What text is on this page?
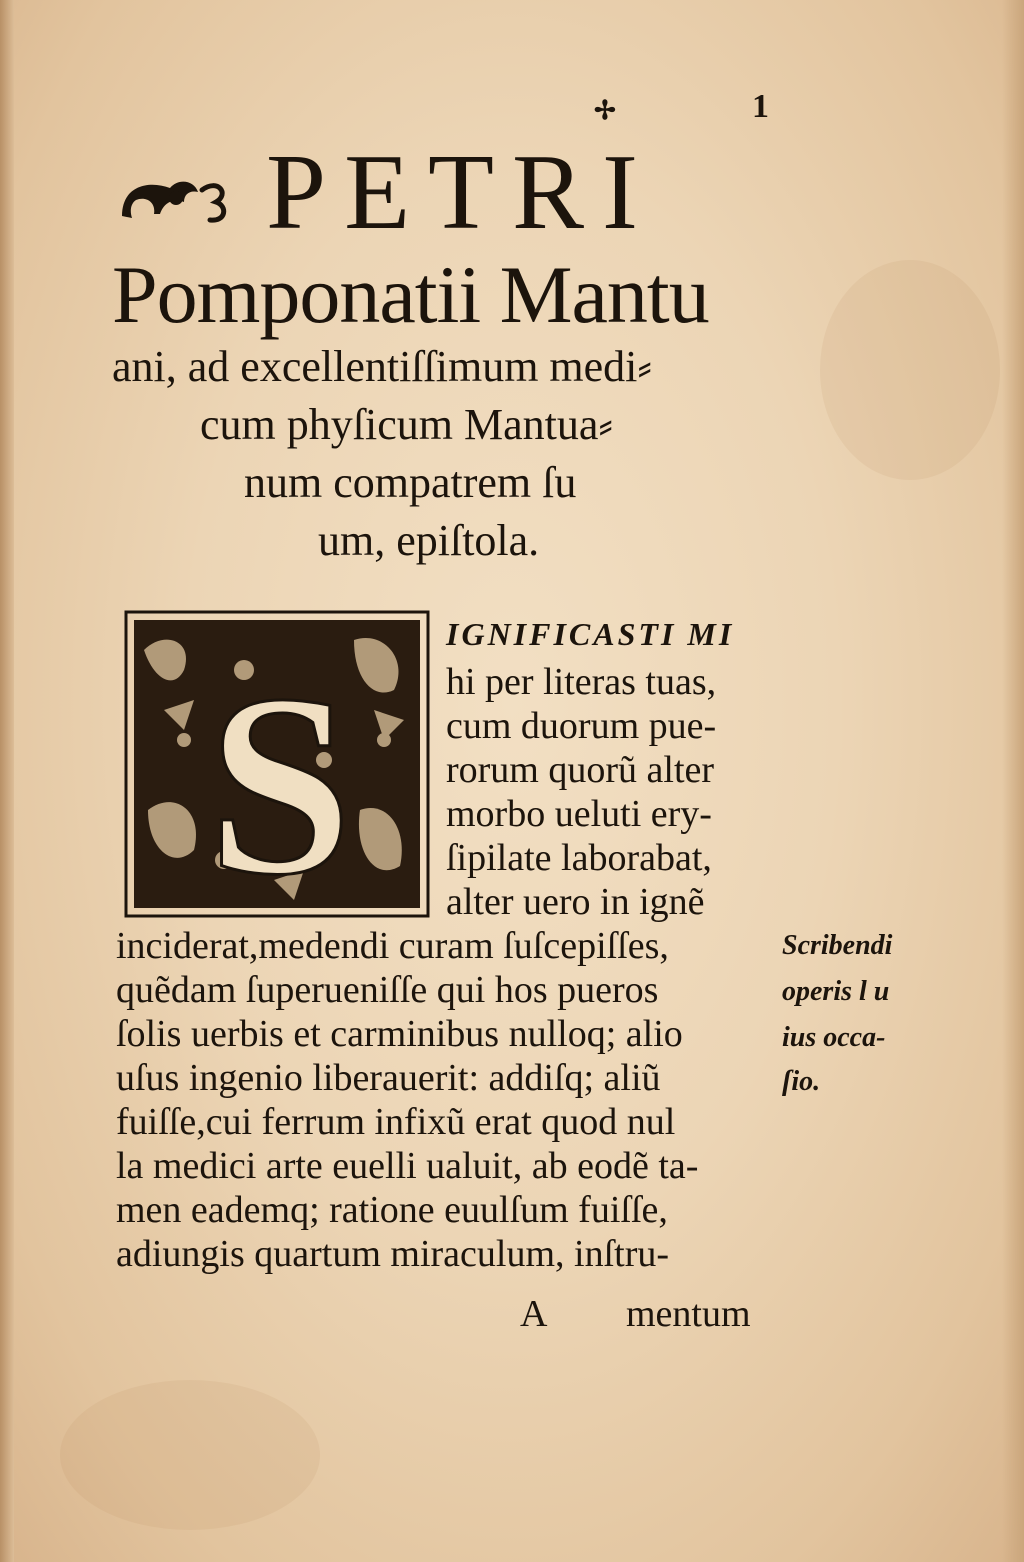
✢	1
PETRI
Pomponatii Mantu
ani, ad excellentiſſimum medi⸗
cum phyſicum Mantua⸗
num compatrem ſu
um, epiſtola.
S
IGNIFICASTI MI
hi per literas tuas,
cum duorum pue-
rorum quorũ alter
morbo ueluti ery-
ſipilate laborabat,
alter uero in ignẽ
inciderat,medendi curam ſuſcepiſſes,
quẽdam ſuperueniſſe qui hos pueros
ſolis uerbis et carminibus nulloq; alio
uſus ingenio liberauerit: addiſq; aliũ
fuiſſe,cui ferrum infixũ erat quod nul
la medici arte euelli ualuit, ab eodẽ ta-
men eademq; ratione euulſum fuiſſe,
adiungis quartum miraculum, inſtru-
Scribendi
operis l u
ius occa-
ſio.
A mentum
